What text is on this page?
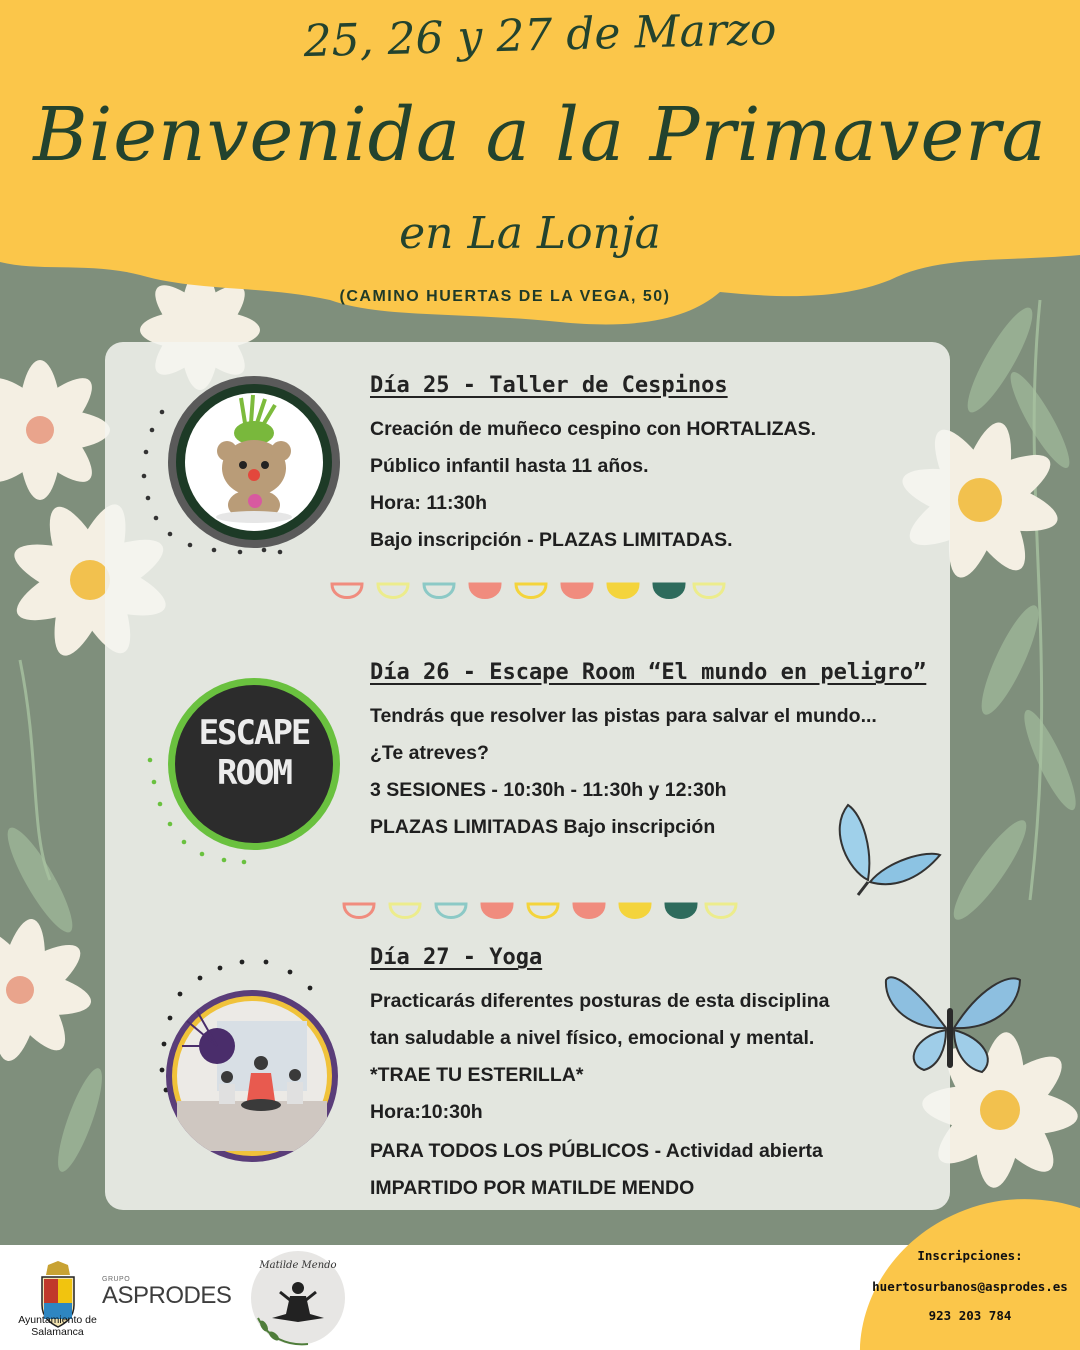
25, 26 y 27 de Marzo
Bienvenida a la Primavera
en La Lonja
(CAMINO HUERTAS DE LA VEGA, 50)
Día 25 - Taller de Cespinos
Creación de muñeco cespino con HORTALIZAS.
Público infantil hasta 11 años.
Hora: 11:30h
Bajo inscripción - PLAZAS LIMITADAS.
ESCAPE
ROOM
Día 26 - Escape Room “El mundo en peligro”
Tendrás que resolver las pistas para salvar el mundo...
¿Te atreves?
3 SESIONES - 10:30h - 11:30h y 12:30h
PLAZAS LIMITADAS Bajo inscripción
Día 27 - Yoga
Practicarás diferentes posturas de esta disciplina
tan saludable a nivel físico, emocional y mental.
*TRAE TU ESTERILLA*
Hora:10:30h
PARA TODOS LOS PÚBLICOS - Actividad abierta
IMPARTIDO POR MATILDE MENDO
Ayuntamiento de Salamanca
GRUPO
ASPRODES
Matilde Mendo
Inscripciones:
huertosurbanos@asprodes.es
923 203 784
